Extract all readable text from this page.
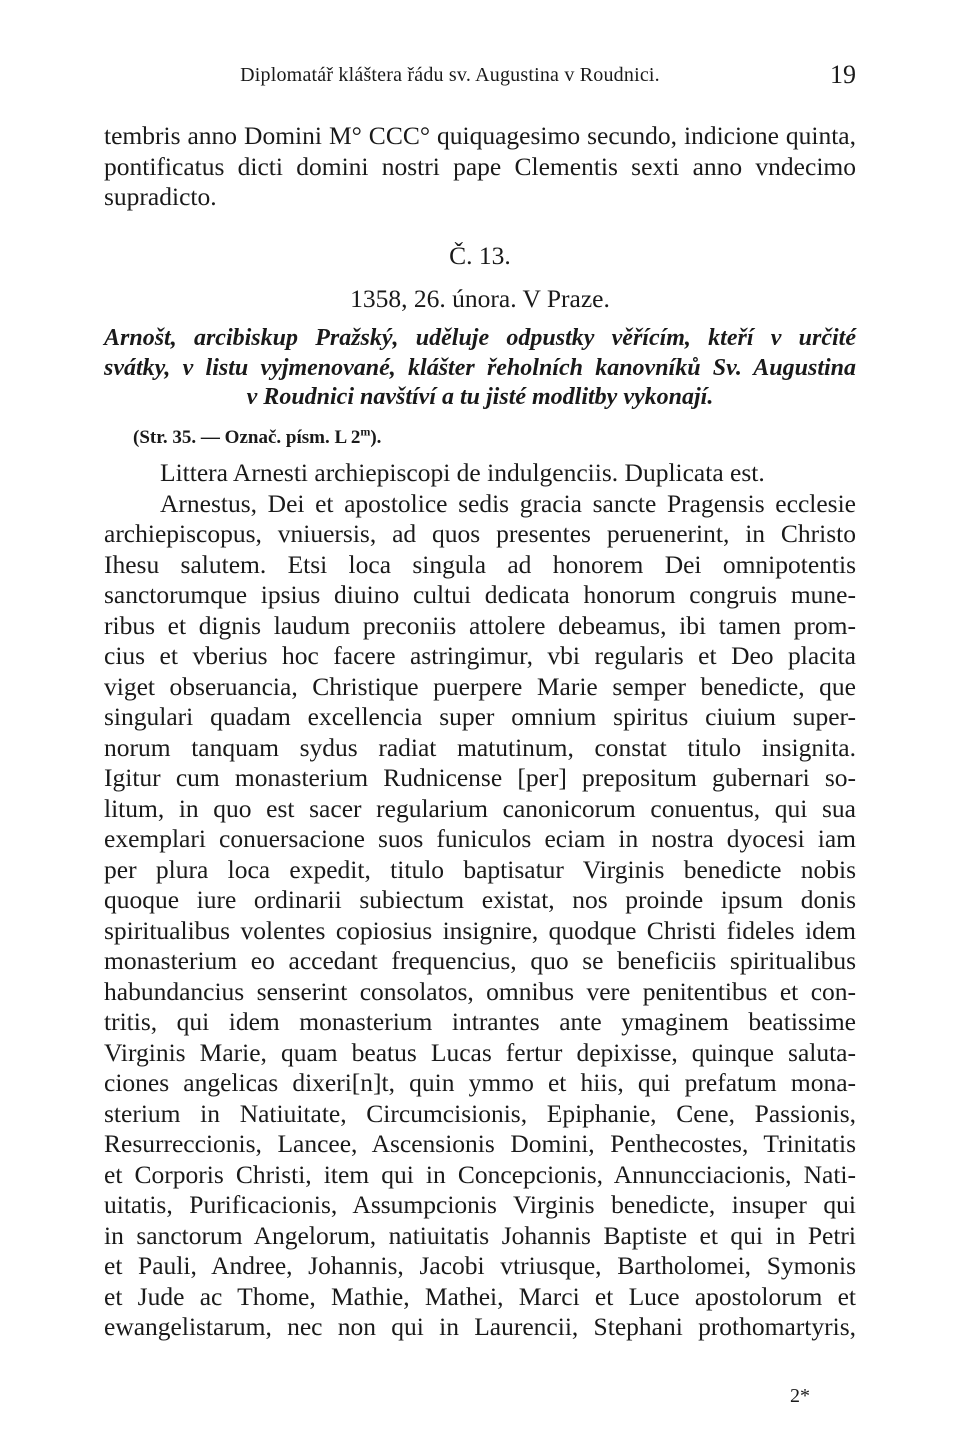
Diplomatář kláštera řádu sv. Augustina v Roudnici.	19
tembris anno Domini M° CCC° quiquagesimo secundo, indicione quinta,
pontificatus dicti domini nostri pape Clementis sexti anno vndecimo
supradicto.
Č. 13.
1358, 26. února. V Praze.
Arnošt, arcibiskup Pražský, uděluje odpustky věřícím, kteří v určité
svátky, v listu vyjmenované, klášter řeholních kanovníků Sv. Augustina
v Roudnici navštíví a tu jisté modlitby vykonají.
(Str. 35. — Označ. písm. L 2$^m$).
Littera Arnesti archiepiscopi de indulgenciis. Duplicata est.
Arnestus, Dei et apostolice sedis gracia sancte Pragensis ecclesie
archiepiscopus, vniuersis, ad quos presentes peruenerint, in Christo
Ihesu salutem. Etsi loca singula ad honorem Dei omnipotentis
sanctorumque ipsius diuino cultui dedicata honorum congruis mune-
ribus et dignis laudum preconiis attolere debeamus, ibi tamen prom-
cius et vberius hoc facere astringimur, vbi regularis et Deo placita
viget obseruancia, Christique puerpere Marie semper benedicte, que
singulari quadam excellencia super omnium spiritus ciuium super-
norum tanquam sydus radiat matutinum, constat titulo insignita.
Igitur cum monasterium Rudnicense [per] prepositum gubernari so-
litum, in quo est sacer regularium canonicorum conuentus, qui sua
exemplari conuersacione suos funiculos eciam in nostra dyocesi iam
per plura loca expedit, titulo baptisatur Virginis benedicte nobis
quoque iure ordinarii subiectum existat, nos proinde ipsum donis
spiritualibus volentes copiosius insignire, quodque Christi fideles idem
monasterium eo accedant frequencius, quo se beneficiis spiritualibus
habundancius senserint consolatos, omnibus vere penitentibus et con-
tritis, qui idem monasterium intrantes ante ymaginem beatissime
Virginis Marie, quam beatus Lucas fertur depixisse, quinque saluta-
ciones angelicas dixeri[n]t, quin ymmo et hiis, qui prefatum mona-
sterium in Natiuitate, Circumcisionis, Epiphanie, Cene, Passionis,
Resurreccionis, Lancee, Ascensionis Domini, Penthecostes, Trinitatis
et Corporis Christi, item qui in Concepcionis, Annuncciacionis, Nati-
uitatis, Purificacionis, Assumpcionis Virginis benedicte, insuper qui
in sanctorum Angelorum, natiuitatis Johannis Baptiste et qui in Petri
et Pauli, Andree, Johannis, Jacobi vtriusque, Bartholomei, Symonis
et Jude ac Thome, Mathie, Mathei, Marci et Luce apostolorum et
ewangelistarum, nec non qui in Laurencii, Stephani prothomartyris,
2*
